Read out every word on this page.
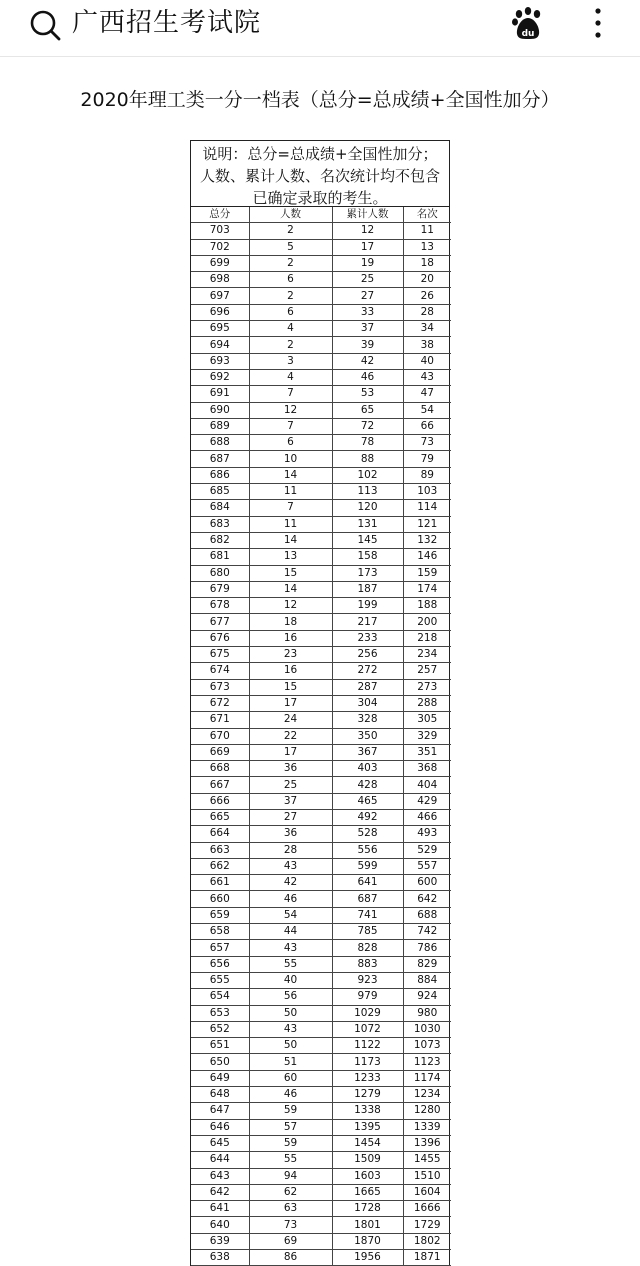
广西招生考试院	du
2020年理工类一分一档表（总分=总成绩+全国性加分）
说明：总分=总成绩+全国性加分；人数、累计人数、名次统计均不包含已确定录取的考生。
总分	人数	累计人数	名次
703	2	12	11
702	5	17	13
699	2	19	18
698	6	25	20
697	2	27	26
696	6	33	28
695	4	37	34
694	2	39	38
693	3	42	40
692	4	46	43
691	7	53	47
690	12	65	54
689	7	72	66
688	6	78	73
687	10	88	79
686	14	102	89
685	11	113	103
684	7	120	114
683	11	131	121
682	14	145	132
681	13	158	146
680	15	173	159
679	14	187	174
678	12	199	188
677	18	217	200
676	16	233	218
675	23	256	234
674	16	272	257
673	15	287	273
672	17	304	288
671	24	328	305
670	22	350	329
669	17	367	351
668	36	403	368
667	25	428	404
666	37	465	429
665	27	492	466
664	36	528	493
663	28	556	529
662	43	599	557
661	42	641	600
660	46	687	642
659	54	741	688
658	44	785	742
657	43	828	786
656	55	883	829
655	40	923	884
654	56	979	924
653	50	1029	980
652	43	1072	1030
651	50	1122	1073
650	51	1173	1123
649	60	1233	1174
648	46	1279	1234
647	59	1338	1280
646	57	1395	1339
645	59	1454	1396
644	55	1509	1455
643	94	1603	1510
642	62	1665	1604
641	63	1728	1666
640	73	1801	1729
639	69	1870	1802
638	86	1956	1871
